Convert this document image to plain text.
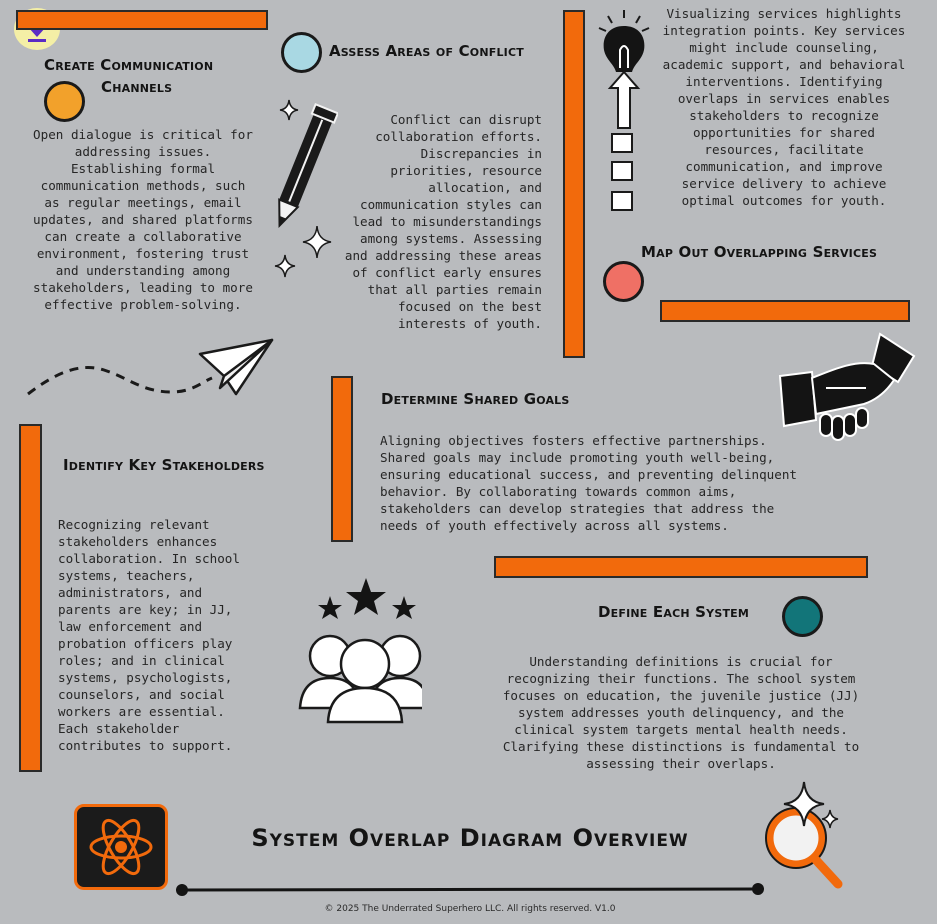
Create Communication
Channels
Open dialogue is critical for addressing issues. Establishing formal communication methods, such as regular meetings, email updates, and shared platforms can create a collaborative environment, fostering trust and understanding among stakeholders, leading to more effective problem-solving.
Assess Areas of Conflict
Conflict can disrupt collaboration efforts. Discrepancies in priorities, resource allocation, and communication styles can lead to misunderstandings among systems. Assessing and addressing these areas of conflict early ensures that all parties remain focused on the best interests of youth.
Visualizing services highlights integration points. Key services might include counseling, academic support, and behavioral interventions. Identifying overlaps in services enables stakeholders to recognize opportunities for shared resources, facilitate communication, and improve service delivery to achieve optimal outcomes for youth.
Map Out Overlapping Services
Determine Shared Goals
Aligning objectives fosters effective partnerships. Shared goals may include promoting youth well-being, ensuring educational success, and preventing delinquent behavior. By collaborating towards common aims, stakeholders can develop strategies that address the needs of youth effectively across all systems.
Identify Key Stakeholders
Recognizing relevant stakeholders enhances collaboration. In school systems, teachers, administrators, and parents are key; in JJ, law enforcement and probation officers play roles; and in clinical systems, psychologists, counselors, and social workers are essential. Each stakeholder contributes to support.
Define Each System
Understanding definitions is crucial for recognizing their functions. The school system focuses on education, the juvenile justice (JJ) system addresses youth delinquency, and the clinical system targets mental health needs. Clarifying these distinctions is fundamental to assessing their overlaps.
System Overlap Diagram Overview
© 2025 The Underrated Superhero LLC. All rights reserved. V1.0
